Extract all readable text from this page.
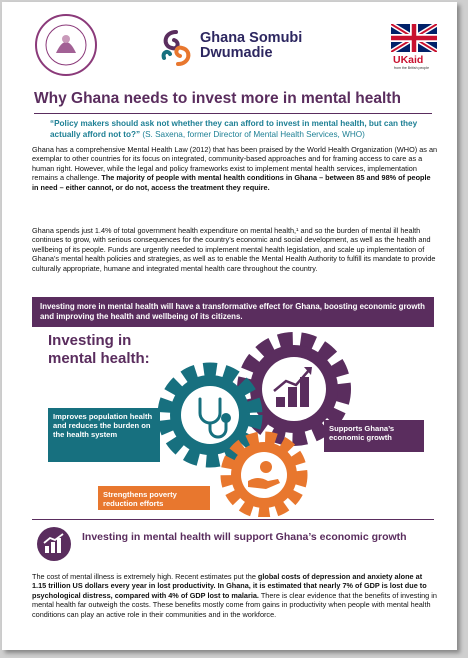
Ghana Somubi
Dwumadie	UKaid
from the British people
Why Ghana needs to invest more in mental health
“Policy makers should ask not whether they can afford to invest in mental health, but can they actually afford not to?” (S. Saxena, former Director of Mental Health Services, WHO)
Ghana has a comprehensive Mental Health Law (2012) that has been praised by the World Health Organization (WHO) as an exemplar to other countries for its focus on integrated, community-based approaches and for framing access to care as a human right. However, while the legal and policy frameworks exist to implement mental health services, implementation remains a challenge. The majority of people with mental health conditions in Ghana – between 85 and 98% of people in need – either cannot, or do not, access the treatment they require.
Ghana spends just 1.4% of total government health expenditure on mental health,¹ and so the burden of mental ill health continues to grow, with serious consequences for the country’s economic and social development, as well as the health and wellbeing of its people. Funds are urgently needed to implement mental health legislation, and scale up implementation of Ghana’s mental health policies and strategies, as well as to enable the Mental Health Authority to fulfill its mandate to provide culturally appropriate, humane and integrated mental health care throughout the country.
Investing more in mental health will have a transformative effect for Ghana, boosting economic growth and improving the health and wellbeing of its citizens.
Investing in
mental health:
Improves population health and reduces the burden on the health system
Supports Ghana’s economic growth
Strengthens poverty reduction efforts
Investing in mental health will support Ghana’s economic growth
The cost of mental illness is extremely high. Recent estimates put the global costs of depression and anxiety alone at 1.15 trillion US dollars every year in lost productivity. In Ghana, it is estimated that nearly 7% of GDP is lost due to psychological distress, compared with 4% of GDP lost to malaria. There is clear evidence that the benefits of investing in mental health far outweigh the costs. These benefits mostly come from gains in productivity when people with mental health conditions can play an active role in their communities and in the workforce.
